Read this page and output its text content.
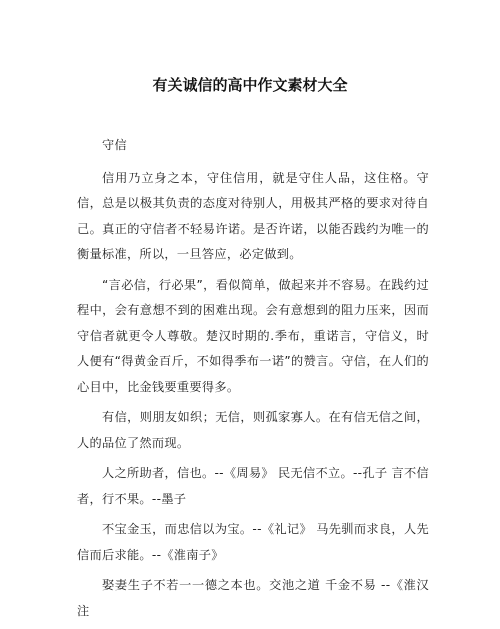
有关诚信的高中作文素材大全

守信

信用乃立身之本，守住信用，就是守住人品，这住格。守信，总是以极其负责的态度对待别人，用极其严格的要求对待自己。真正的守信者不轻易许诺。是否许诺，以能否践约为唯一的衡量标准，所以，一旦答应，必定做到。

“言必信，行必果”，看似简单，做起来并不容易。在践约过程中，会有意想不到的困难出现。会有意想到的阻力压来，因而守信者就更令人尊敬。楚汉时期的.季布，重诺言，守信义，时人便有“得黄金百斤，不如得季布一诺”的赞言。守信，在人们的心目中，比金钱要重要得多。

有信，则朋友如织；无信，则孤家寡人。在有信无信之间，人的品位了然而现。

人之所助者，信也。--《周易》 民无信不立。--孔子 言不信者，行不果。--墨子

不宝金玉，而忠信以为宝。--《礼记》 马先驯而求良，人先信而后求能。--《淮南子》

娶妻生子不若一一德之本也。交池之道 千金不易 --《淮汉注
